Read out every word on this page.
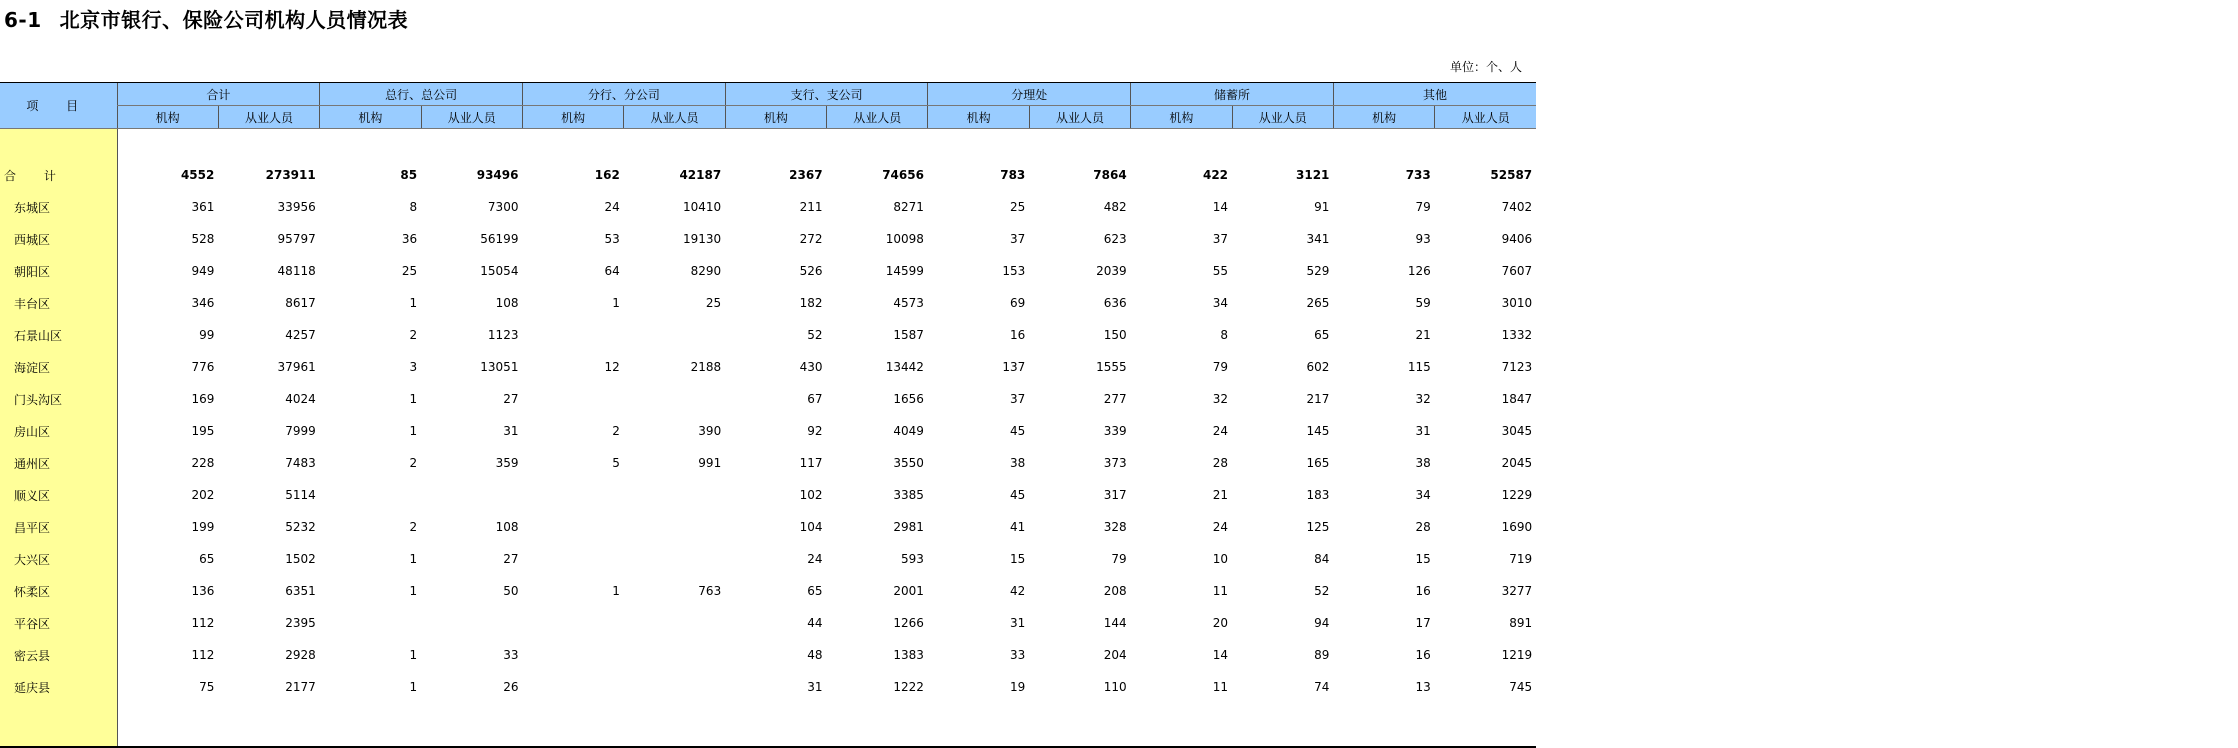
6-1 北京市银行、保险公司机构人员情况表
单位：个、人
项 目	合计		总行、总公司		分行、分公司		支行、支公司		分理处		储蓄所		其他	
	机构	从业人员	机构	从业人员	机构	从业人员	机构	从业人员	机构	从业人员	机构	从业人员	机构	从业人员

合 计	4552	273911	85	93496	162	42187	2367	74656	783	7864	422	3121	733	52587
东城区	361	33956	8	7300	24	10410	211	8271	25	482	14	91	79	7402
西城区	528	95797	36	56199	53	19130	272	10098	37	623	37	341	93	9406
朝阳区	949	48118	25	15054	64	8290	526	14599	153	2039	55	529	126	7607
丰台区	346	8617	1	108	1	25	182	4573	69	636	34	265	59	3010
石景山区	99	4257	2	1123			52	1587	16	150	8	65	21	1332
海淀区	776	37961	3	13051	12	2188	430	13442	137	1555	79	602	115	7123
门头沟区	169	4024	1	27			67	1656	37	277	32	217	32	1847
房山区	195	7999	1	31	2	390	92	4049	45	339	24	145	31	3045
通州区	228	7483	2	359	5	991	117	3550	38	373	28	165	38	2045
顺义区	202	5114					102	3385	45	317	21	183	34	1229
昌平区	199	5232	2	108			104	2981	41	328	24	125	28	1690
大兴区	65	1502	1	27			24	593	15	79	10	84	15	719
怀柔区	136	6351	1	50	1	763	65	2001	42	208	11	52	16	3277
平谷区	112	2395					44	1266	31	144	20	94	17	891
密云县	112	2928	1	33			48	1383	33	204	14	89	16	1219
延庆县	75	2177	1	26			31	1222	19	110	11	74	13	745
